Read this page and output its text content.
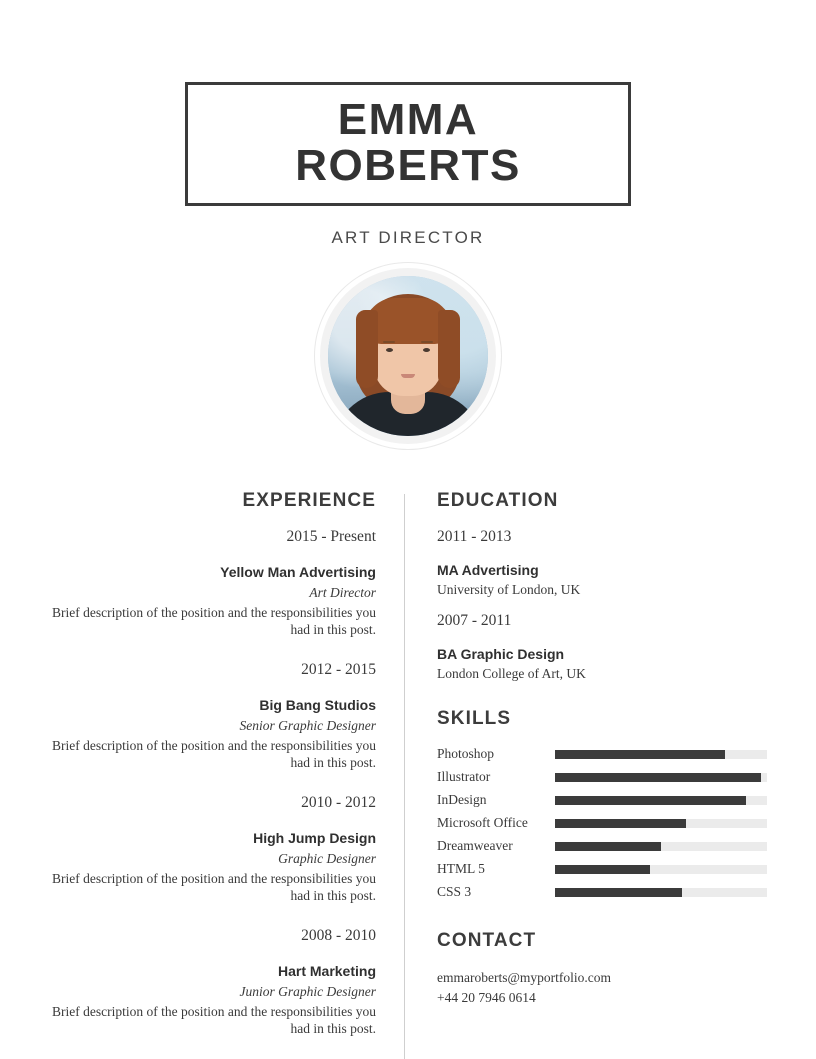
EMMA ROBERTS
ART DIRECTOR
EXPERIENCE
2015 - Present
Yellow Man Advertising
Art Director
Brief description of the position and the responsibilities you had in this post.
2012 - 2015
Big Bang Studios
Senior Graphic Designer
Brief description of the position and the responsibilities you had in this post.
2010 - 2012
High Jump Design
Graphic Designer
Brief description of the position and the responsibilities you had in this post.
2008 - 2010
Hart Marketing
Junior Graphic Designer
Brief description of the position and the responsibilities you had in this post.
EDUCATION
2011 - 2013
MA Advertising
University of London, UK
2007 - 2011
BA Graphic Design
London College of Art, UK
SKILLS
Photoshop
Illustrator
InDesign
Microsoft Office
Dreamweaver
HTML 5
CSS 3
CONTACT
emmaroberts@myportfolio.com
+44 20 7946 0614
